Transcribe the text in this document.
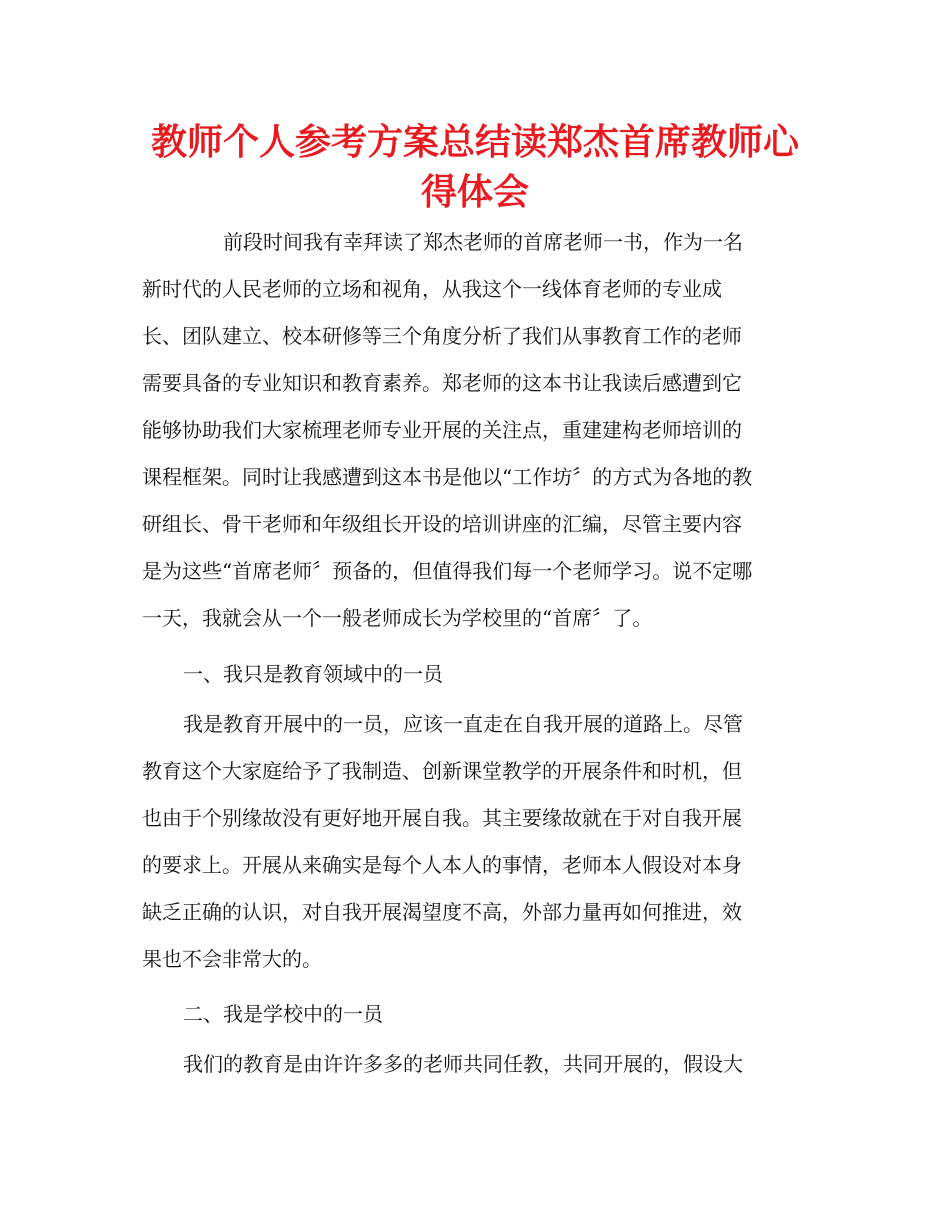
教师个人参考方案总结读郑杰首席教师心
得体会

前段时间我有幸拜读了郑杰老师的首席老师一书，作为一名

新时代的人民老师的立场和视角，从我这个一线体育老师的专业成

长、团队建立、校本研修等三个角度分析了我们从事教育工作的老师

需要具备的专业知识和教育素养。郑老师的这本书让我读后感遭到它

能够协助我们大家梳理老师专业开展的关注点，重建建构老师培训的

课程框架。同时让我感遭到这本书是他以“工作坊〞的方式为各地的教

研组长、骨干老师和年级组长开设的培训讲座的汇编，尽管主要内容

是为这些“首席老师〞预备的，但值得我们每一个老师学习。说不定哪

一天，我就会从一个一般老师成长为学校里的“首席〞了。

一、我只是教育领域中的一员

我是教育开展中的一员，应该一直走在自我开展的道路上。尽管

教育这个大家庭给予了我制造、创新课堂教学的开展条件和时机，但

也由于个别缘故没有更好地开展自我。其主要缘故就在于对自我开展

的要求上。开展从来确实是每个人本人的事情，老师本人假设对本身

缺乏正确的认识，对自我开展渴望度不高，外部力量再如何推进，效

果也不会非常大的。

二、我是学校中的一员

我们的教育是由许许多多的老师共同任教，共同开展的，假设大
